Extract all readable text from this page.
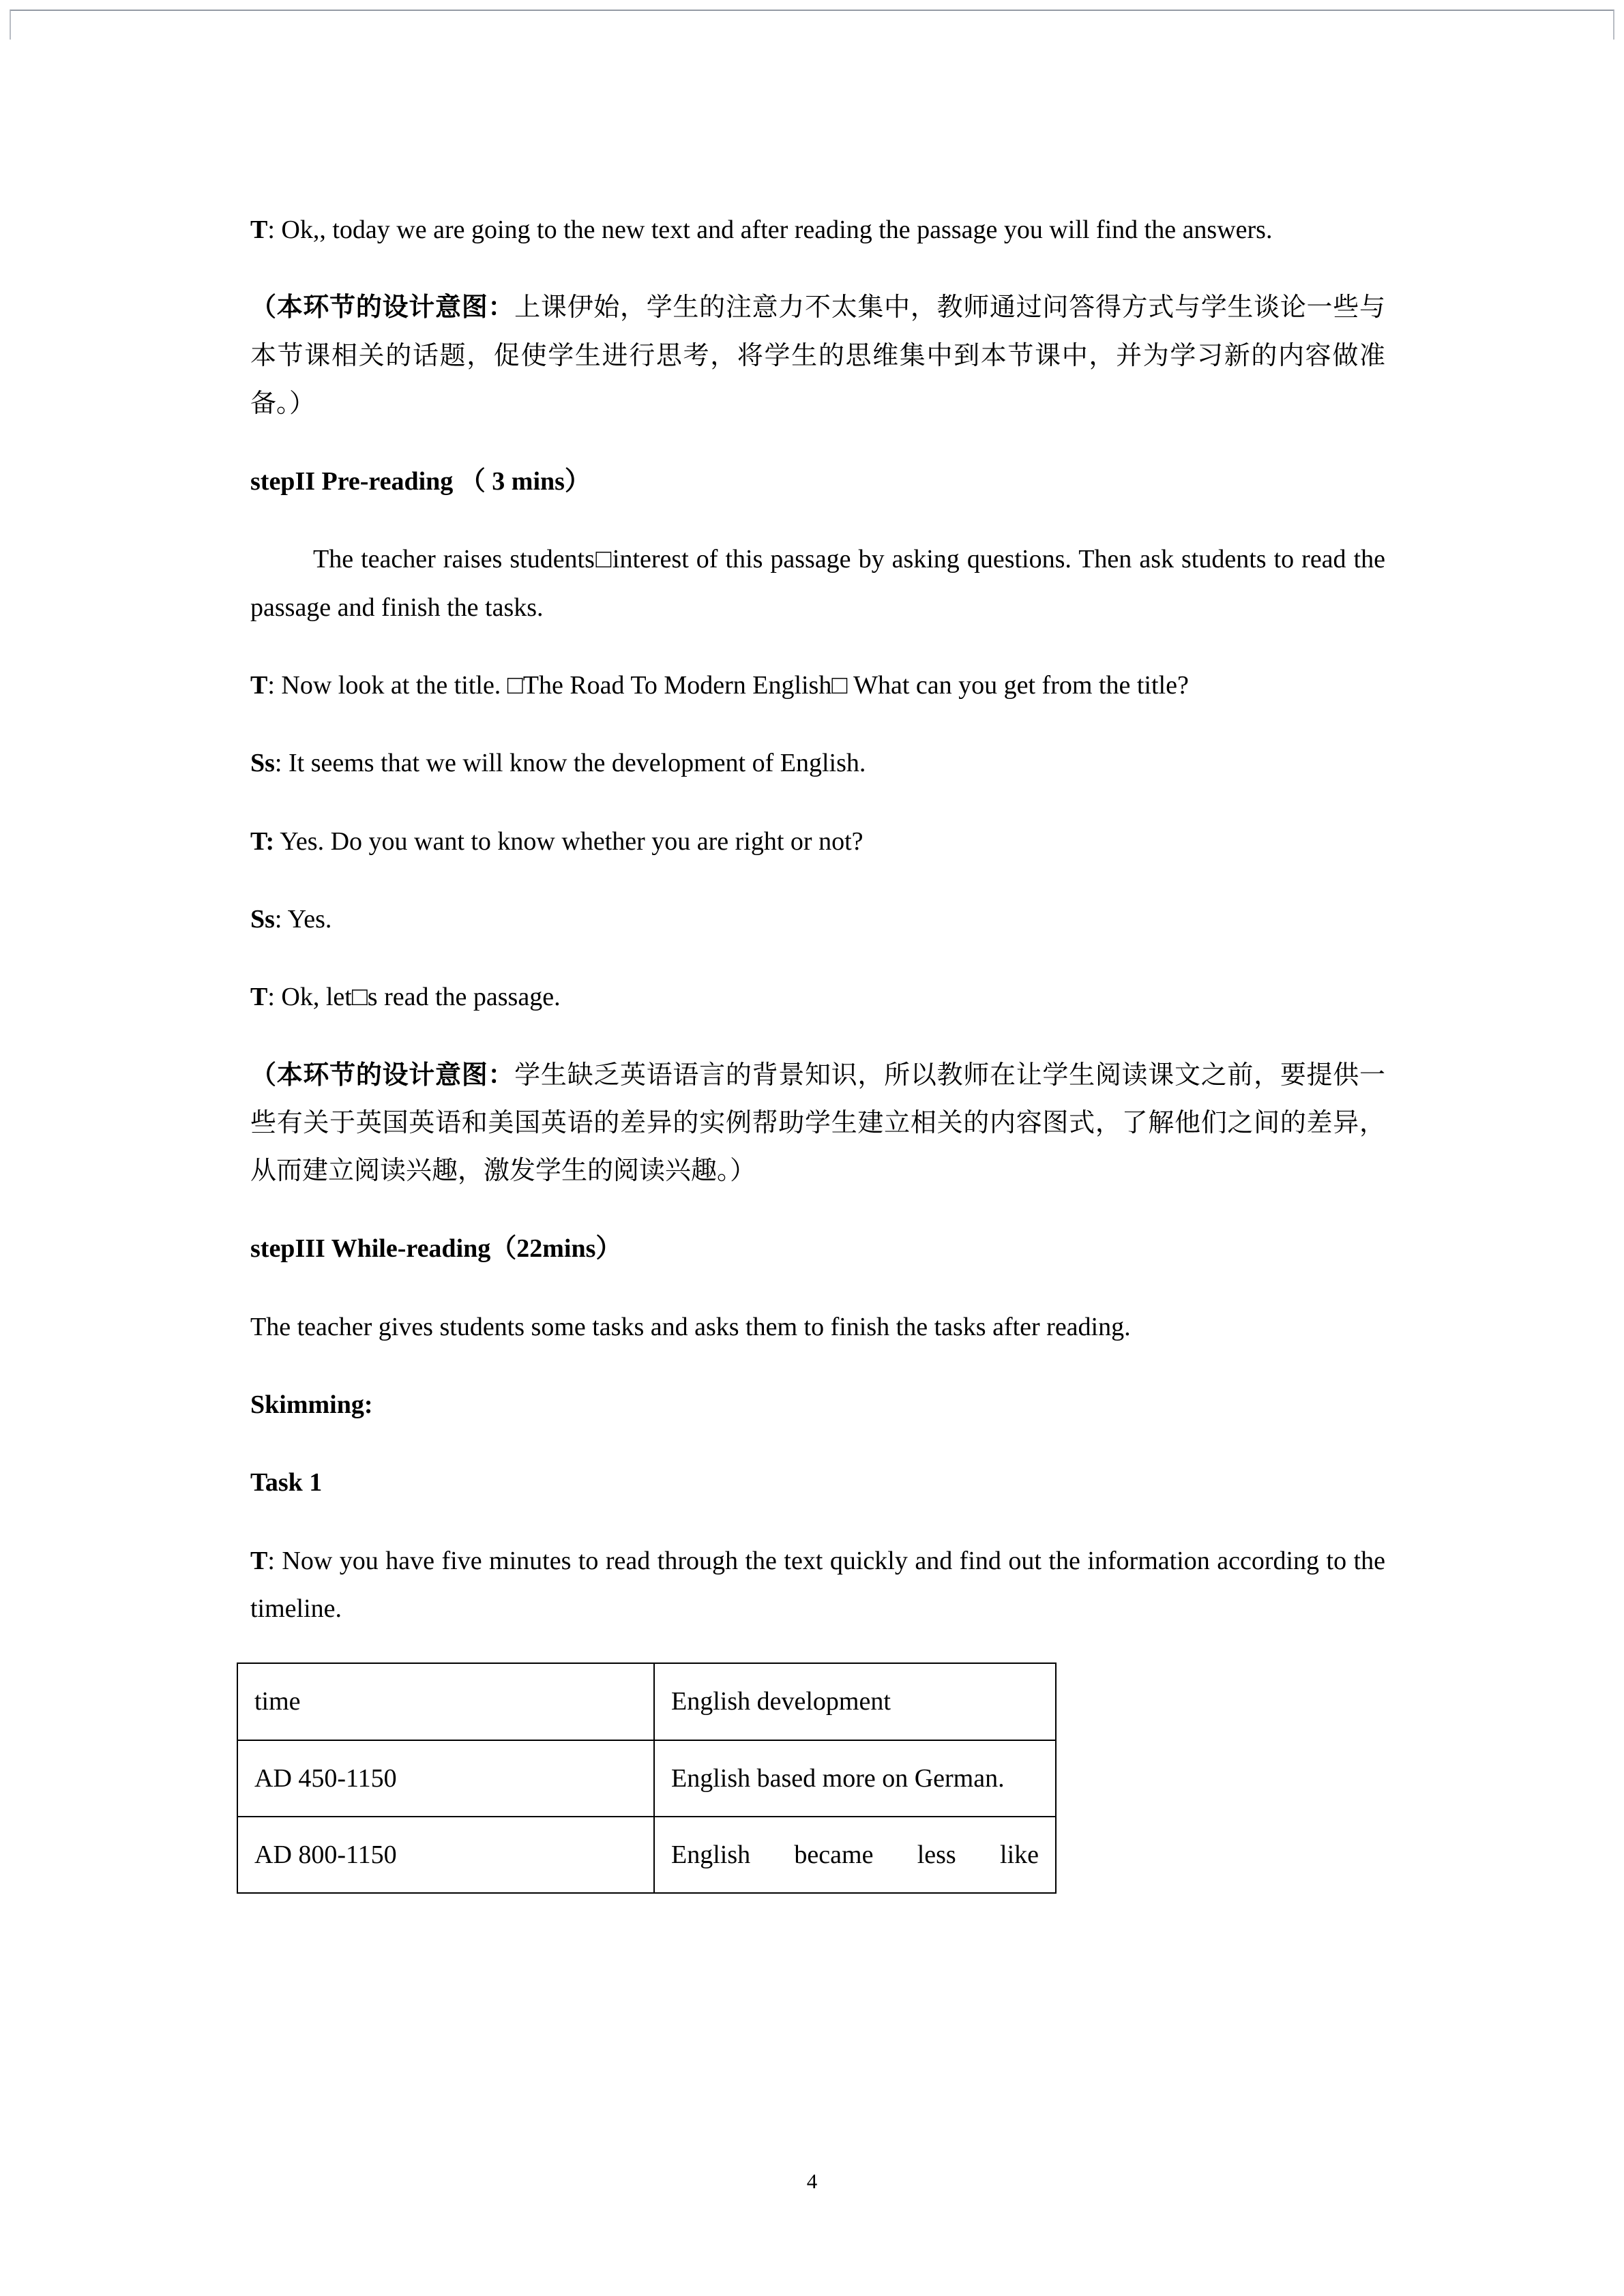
T: Ok,, today we are going to the new text and after reading the passage you will find the answers.

（本环节的设计意图：上课伊始，学生的注意力不太集中，教师通过问答得方式与学生谈论一些与本节课相关的话题，促使学生进行思考，将学生的思维集中到本节课中，并为学习新的内容做准备。）

stepII Pre-reading （ 3 mins）

The teacher raises students□interest of this passage by asking questions. Then ask students to read the passage and finish the tasks.

T: Now look at the title. □The Road To Modern English□ What can you get from the title?

Ss: It seems that we will know the development of English.

T: Yes. Do you want to know whether you are right or not?

Ss: Yes.

T: Ok, let□s read the passage.

（本环节的设计意图：学生缺乏英语语言的背景知识，所以教师在让学生阅读课文之前，要提供一些有关于英国英语和美国英语的差异的实例帮助学生建立相关的内容图式，了解他们之间的差异，从而建立阅读兴趣，激发学生的阅读兴趣。）

stepIII While-reading（22mins）

The teacher gives students some tasks and asks them to finish the tasks after reading.

Skimming:

Task 1

T: Now you have five minutes to read through the text quickly and find out the information according to the timeline.

time	English development
AD 450-1150	English based more on German.
AD 800-1150	English became less like
4
